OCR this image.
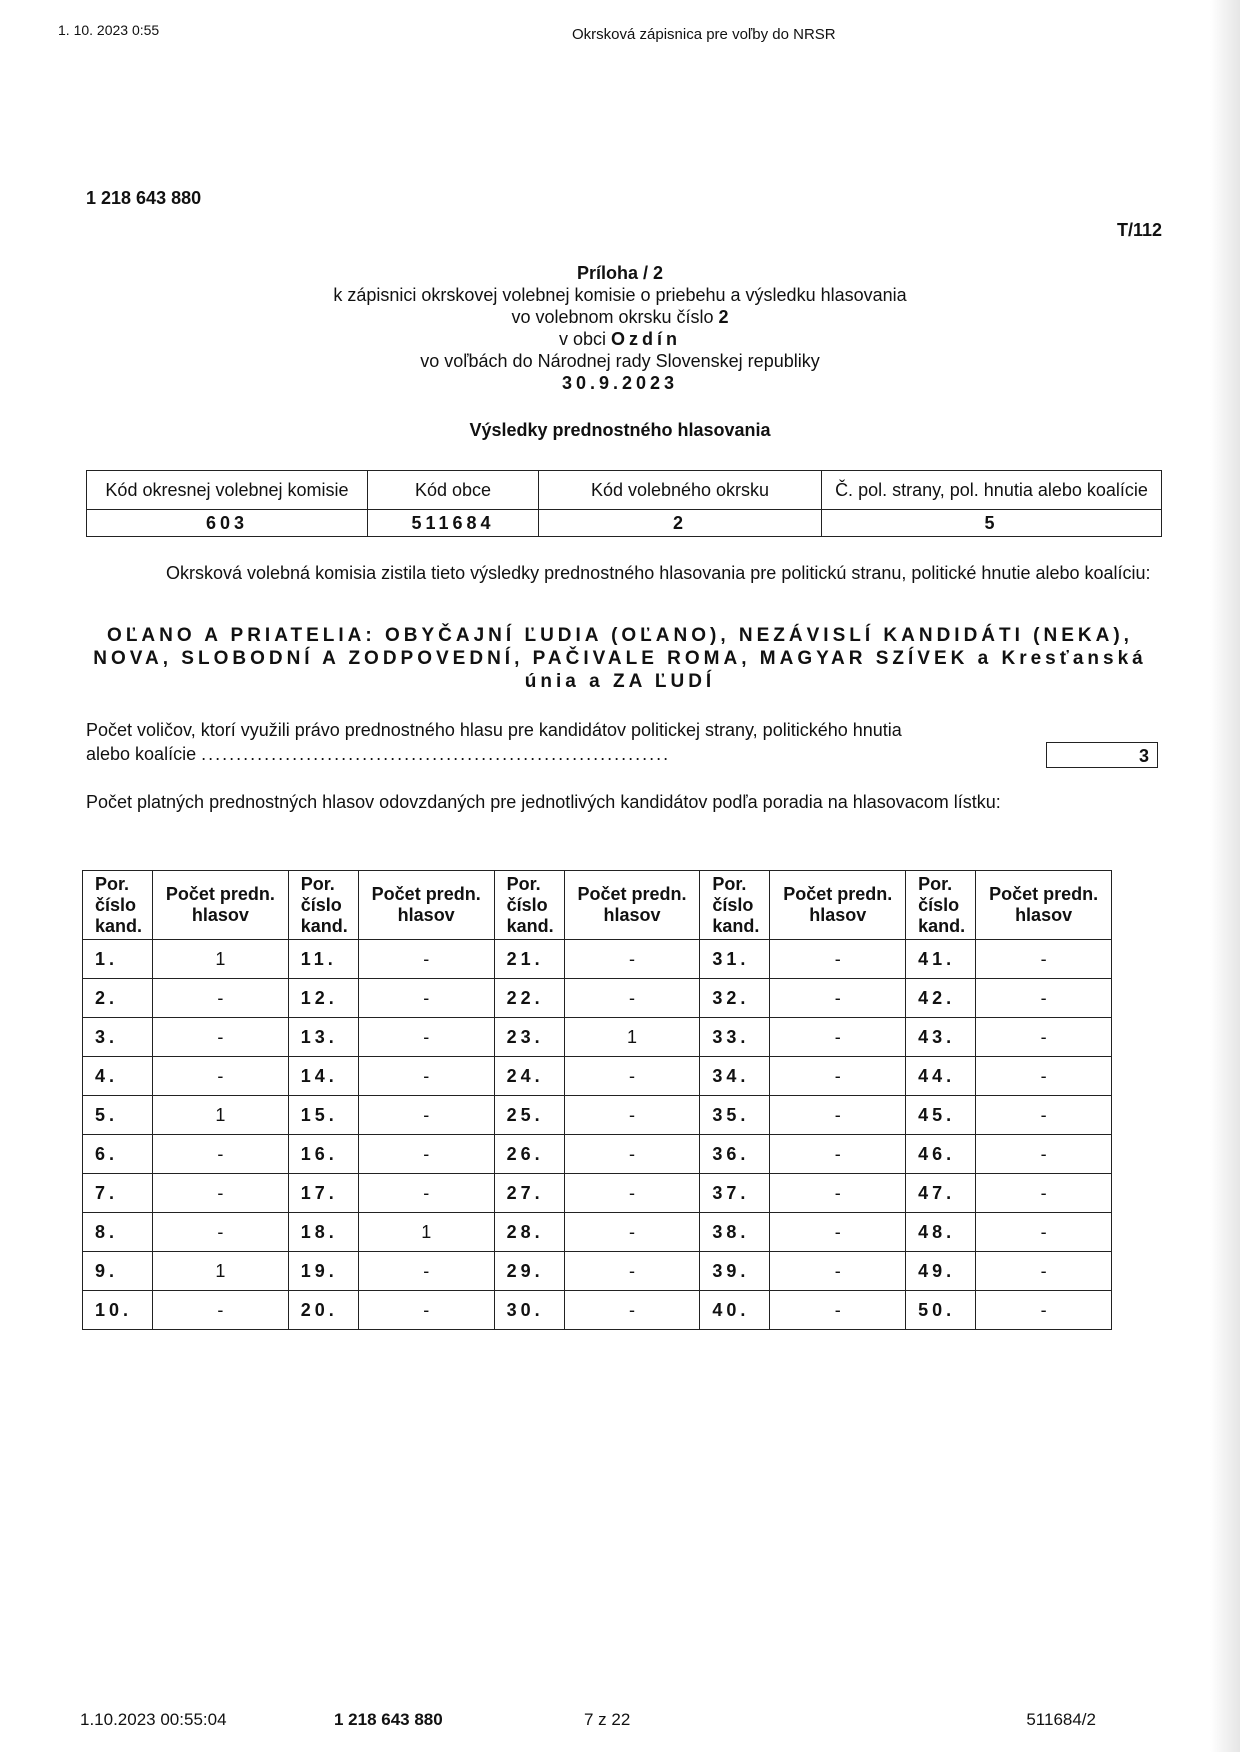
1. 10. 2023 0:55	Okrsková zápisnica pre voľby do NRSR
1 218 643 880
T/112
Príloha / 2
k zápisnici okrskovej volebnej komisie o priebehu a výsledku hlasovania
vo volebnom okrsku číslo 2
v obci Ozdín
vo voľbách do Národnej rady Slovenskej republiky
30.9.2023
Výsledky prednostného hlasovania
Kód okresnej volebnej komisie	Kód obce	Kód volebného okrsku	Č. pol. strany, pol. hnutia alebo koalície
603	511684	2	5
Okrsková volebná komisia zistila tieto výsledky prednostného hlasovania pre politickú stranu, politické hnutie alebo koalíciu:
OĽANO A PRIATELIA: OBYČAJNÍ ĽUDIA (OĽANO), NEZÁVISLÍ KANDIDÁTI (NEKA),
NOVA, SLOBODNÍ A ZODPOVEDNÍ, PAČIVALE ROMA, MAGYAR SZÍVEK a Kresťanská
únia a ZA ĽUDÍ
Počet voličov, ktorí využili právo prednostného hlasu pre kandidátov politickej strany, politického hnutia
alebo koalície ...................................................................	3
Počet platných prednostných hlasov odovzdaných pre jednotlivých kandidátov podľa poradia na hlasovacom lístku:
Por. číslo kand.	Počet predn. hlasov	Por. číslo kand.	Počet predn. hlasov	Por. číslo kand.	Počet predn. hlasov	Por. číslo kand.	Počet predn. hlasov	Por. číslo kand.	Počet predn. hlasov
1.	1	11.	-	21.	-	31.	-	41.	-
2.	-	12.	-	22.	-	32.	-	42.	-
3.	-	13.	-	23.	1	33.	-	43.	-
4.	-	14.	-	24.	-	34.	-	44.	-
5.	1	15.	-	25.	-	35.	-	45.	-
6.	-	16.	-	26.	-	36.	-	46.	-
7.	-	17.	-	27.	-	37.	-	47.	-
8.	-	18.	1	28.	-	38.	-	48.	-
9.	1	19.	-	29.	-	39.	-	49.	-
10.	-	20.	-	30.	-	40.	-	50.	-
1.10.2023 00:55:04	1 218 643 880	7 z 22	511684/2
